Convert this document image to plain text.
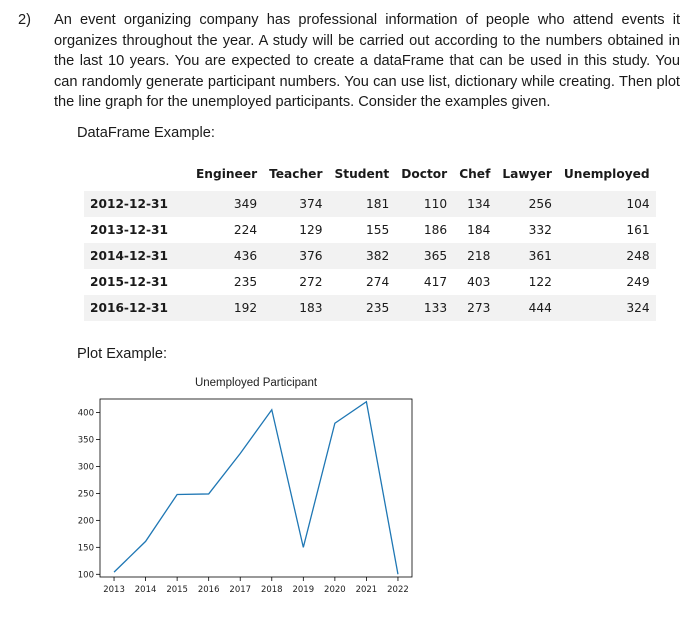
2) An event organizing company has professional information of people who attend events it organizes throughout the year. A study will be carried out according to the numbers obtained in the last 10 years. You are expected to create a dataFrame that can be used in this study. You can randomly generate participant numbers. You can use list, dictionary while creating. Then plot the line graph for the unemployed participants. Consider the examples given.
DataFrame Example:
	Engineer	Teacher	Student	Doctor	Chef	Lawyer	Unemployed
2012-12-31	349	374	181	110	134	256	104
2013-12-31	224	129	155	186	184	332	161
2014-12-31	436	376	382	365	218	361	248
2015-12-31	235	272	274	417	403	122	249
2016-12-31	192	183	235	133	273	444	324
Plot Example:
Unemployed Participant
100
150
200
250
300
350
400
2013 2014 2015 2016 2017 2018 2019 2020 2021 2022
